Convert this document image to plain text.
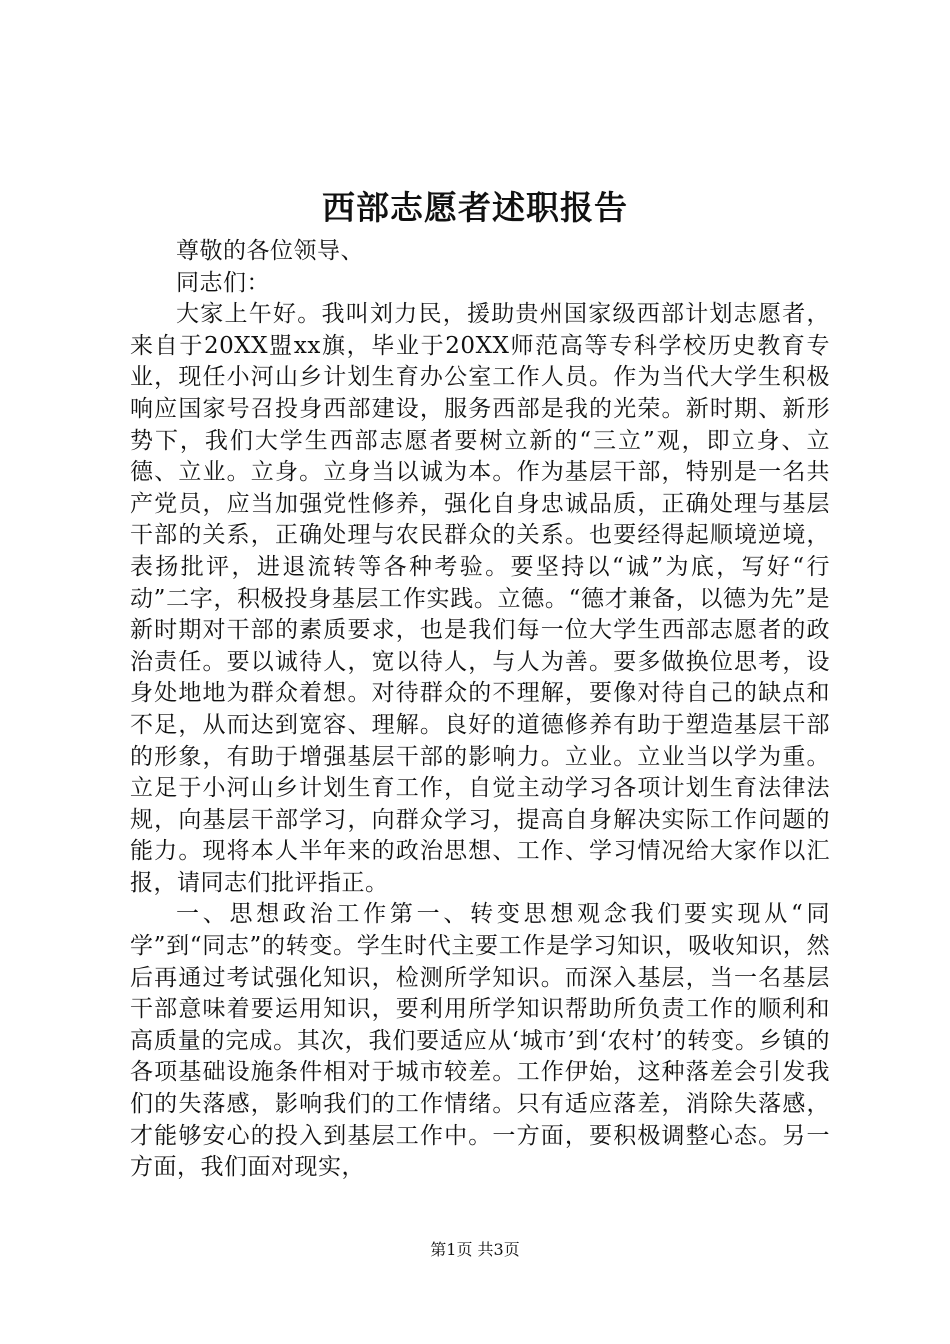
西部志愿者述职报告

尊敬的各位领导、

同志们：

大家上午好。我叫刘力民，援助贵州国家级西部计划志愿者，来自于20XX盟xx旗，毕业于20XX师范高等专科学校历史教育专业，现任小河山乡计划生育办公室工作人员。作为当代大学生积极响应国家号召投身西部建设，服务西部是我的光荣。新时期、新形势下，我们大学生西部志愿者要树立新的“三立”观，即立身、立德、立业。立身。立身当以诚为本。作为基层干部，特别是一名共产党员，应当加强党性修养，强化自身忠诚品质，正确处理与基层干部的关系，正确处理与农民群众的关系。也要经得起顺境逆境，表扬批评，进退流转等各种考验。要坚持以“诚”为底，写好“行动”二字，积极投身基层工作实践。立德。“德才兼备，以德为先”是新时期对干部的素质要求，也是我们每一位大学生西部志愿者的政治责任。要以诚待人，宽以待人，与人为善。要多做换位思考，设身处地地为群众着想。对待群众的不理解，要像对待自己的缺点和不足，从而达到宽容、理解。良好的道德修养有助于塑造基层干部的形象，有助于增强基层干部的影响力。立业。立业当以学为重。立足于小河山乡计划生育工作，自觉主动学习各项计划生育法律法规，向基层干部学习，向群众学习，提高自身解决实际工作问题的能力。现将本人半年来的政治思想、工作、学习情况给大家作以汇报，请同志们批评指正。

一、思想政治工作第一、转变思想观念我们要实现从“同学”到“同志”的转变。学生时代主要工作是学习知识，吸收知识，然后再通过考试强化知识，检测所学知识。而深入基层，当一名基层干部意味着要运用知识，要利用所学知识帮助所负责工作的顺利和高质量的完成。其次，我们要适应从‘城市’到‘农村’的转变。乡镇的各项基础设施条件相对于城市较差。工作伊始，这种落差会引发我们的失落感，影响我们的工作情绪。只有适应落差，消除失落感，才能够安心的投入到基层工作中。一方面，要积极调整心态。另一方面，我们面对现实，

第1页 共3页
